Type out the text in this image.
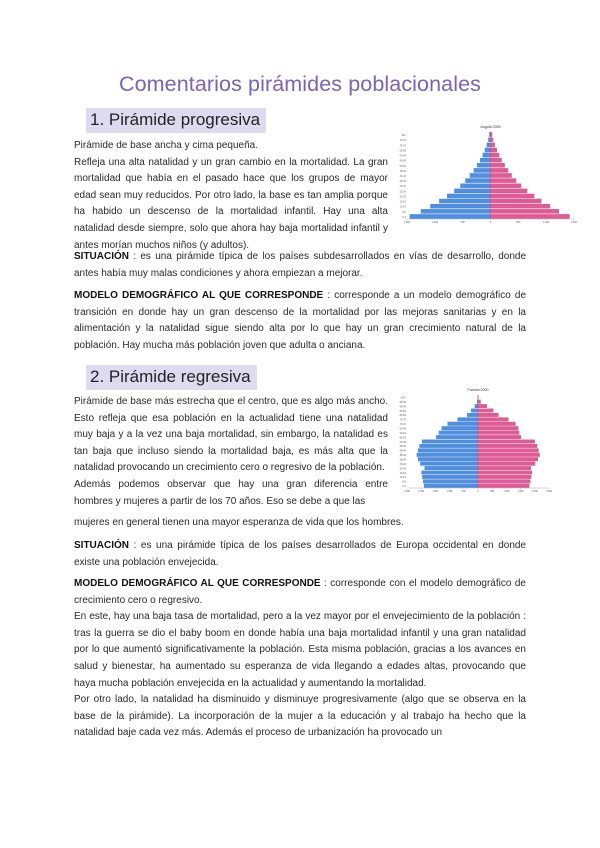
Comentarios pirámides poblacionales
1. Pirámide progresiva

Pirámide de base ancha y cima pequeña.

Refleja una alta natalidad y un gran cambio en la mortalidad. La gran mortalidad que había en el pasado hace que los grupos de mayor edad sean muy reducidos. Por otro lado, la base es tan amplia porque ha habido un descenso de la mortalidad infantil. Hay una alta natalidad desde siempre, solo que ahora hay baja mortalidad infantil y antes morían muchos niños (y adultos).

Angola 2000
0-4
5-9
10-14
15-19
20-24
25-29
30-34
35-39
40-44
45-49
50-54
55-59
60-64
65-69
70-74
75-79
80+
1.500	1.000	500	0	500	1.000	1.500

SITUACIÓN : es una pirámide típica de los países subdesarrollados en vías de desarrollo, donde antes había muy malas condiciones y ahora empiezan a mejorar.

MODELO DEMOGRÁFICO AL QUE CORRESPONDE : corresponde a un modelo demográfico de transición en donde hay un gran descenso de la mortalidad por las mejoras sanitarias y en la alimentación y la natalidad sigue siendo alta por lo que hay un gran crecimiento natural de la población. Hay mucha más población joven que adulta o anciana.

2. Pirámide regresiva

Pirámide de base más estrecha que el centro, que es algo más ancho. Esto refleja que esa población en la actualidad tiene una natalidad muy baja y a la vez una baja mortalidad, sin embargo, la natalidad es tan baja que incluso siendo la mortalidad baja, es más alta que la natalidad provocando un crecimiento cero o regresivo de la población.

Además podemos observar que hay una gran diferencia entre hombres y mujeres a partir de los 70 años. Eso se debe a que las

Francia 2000
0-4
5-9
10-14
15-19
20-24
25-29
30-34
35-39
40-44
45-49
50-54
55-59
60-64
65-69
70-74
75-79
80-84
85-89
90-94
95-99
100+
2.500	2.000	1.500	1.000	500	0	500	1.000	1.500	2.000	2.500

mujeres en general tienen una mayor esperanza de vida que los hombres.

SITUACIÓN : es una pirámide típica de los países desarrollados de Europa occidental en donde existe una población envejecida.

MODELO DEMOGRÁFICO AL QUE CORRESPONDE : corresponde con el modelo demográfico de crecimiento cero o regresivo.

En este, hay una baja tasa de mortalidad, pero a la vez mayor por el envejecimiento de la población : tras la guerra se dio el baby boom en donde había una baja mortalidad infantil y una gran natalidad por lo que aumentó significativamente la población. Esta misma población, gracias a los avances en salud y bienestar, ha aumentado su esperanza de vida llegando a edades altas, provocando que haya mucha población envejecida en la actualidad y aumentando la mortalidad.

Por otro lado, la natalidad ha disminuido y disminuye progresivamente (algo que se observa en la base de la pirámide). La incorporación de la mujer a la educación y al trabajo ha hecho que la natalidad baje cada vez más. Además el proceso de urbanización ha provocado un
